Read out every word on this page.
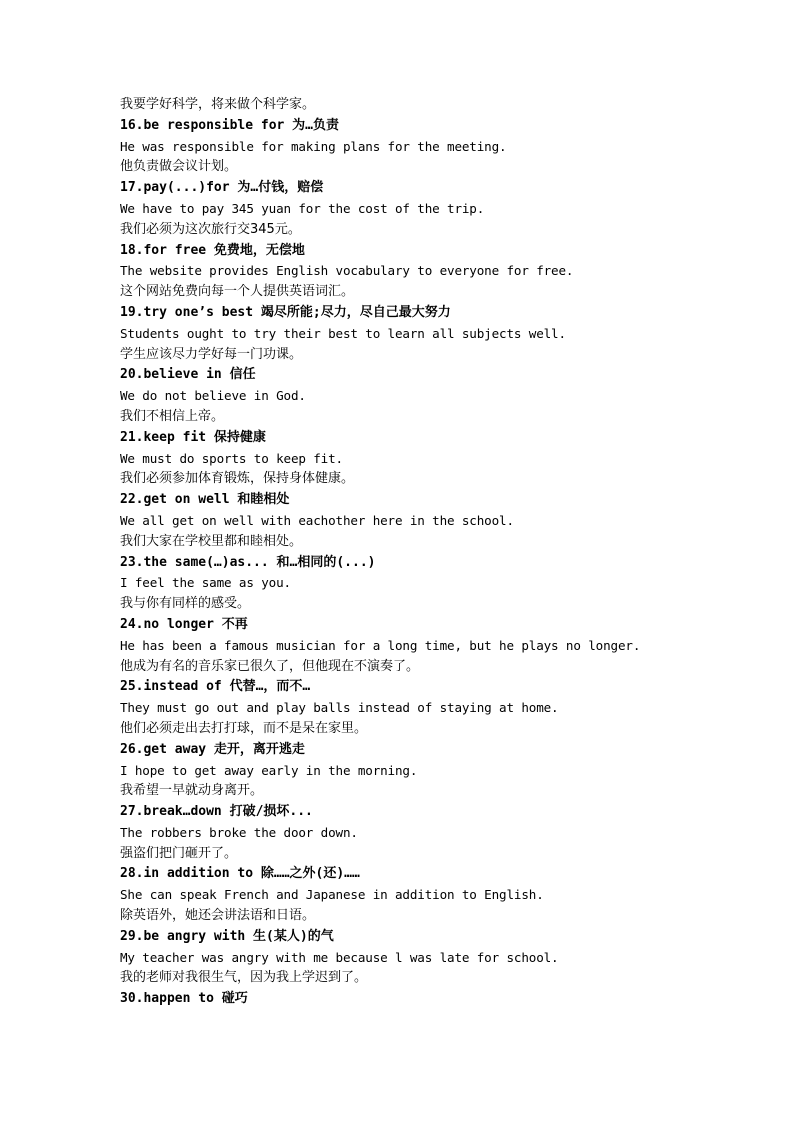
我要学好科学，将来做个科学家。
16.be responsible for 为…负责
He was responsible for making plans for the meeting.
他负责做会议计划。
17.pay(...)for 为…付钱，赔偿
We have to pay 345 yuan for the cost of the trip.
我们必须为这次旅行交345元。
18.for free 免费地，无偿地
The website provides English vocabulary to everyone for free.
这个网站免费向每一个人提供英语词汇。
19.try one’s best 竭尽所能;尽力，尽自己最大努力
Students ought to try their best to learn all subjects well.
学生应该尽力学好每一门功课。
20.believe in 信任
We do not believe in God.
我们不相信上帝。
21.keep fit 保持健康
We must do sports to keep fit.
我们必须参加体育锻炼，保持身体健康。
22.get on well 和睦相处
We all get on well with eachother here in the school.
我们大家在学校里都和睦相处。
23.the same(…)as... 和…相同的(...)
I feel the same as you.
我与你有同样的感受。
24.no longer 不再
He has been a famous musician for a long time, but he plays no longer.
他成为有名的音乐家已很久了，但他现在不演奏了。
25.instead of 代替…，而不…
They must go out and play balls instead of staying at home.
他们必须走出去打打球，而不是呆在家里。
26.get away 走开，离开逃走
I hope to get away early in the morning.
我希望一早就动身离开。
27.break…down 打破/损坏...
The robbers broke the door down.
强盗们把门砸开了。
28.in addition to 除……之外(还)……
She can speak French and Japanese in addition to English.
除英语外，她还会讲法语和日语。
29.be angry with 生(某人)的气
My teacher was angry with me because l was late for school.
我的老师对我很生气，因为我上学迟到了。
30.happen to 碰巧
